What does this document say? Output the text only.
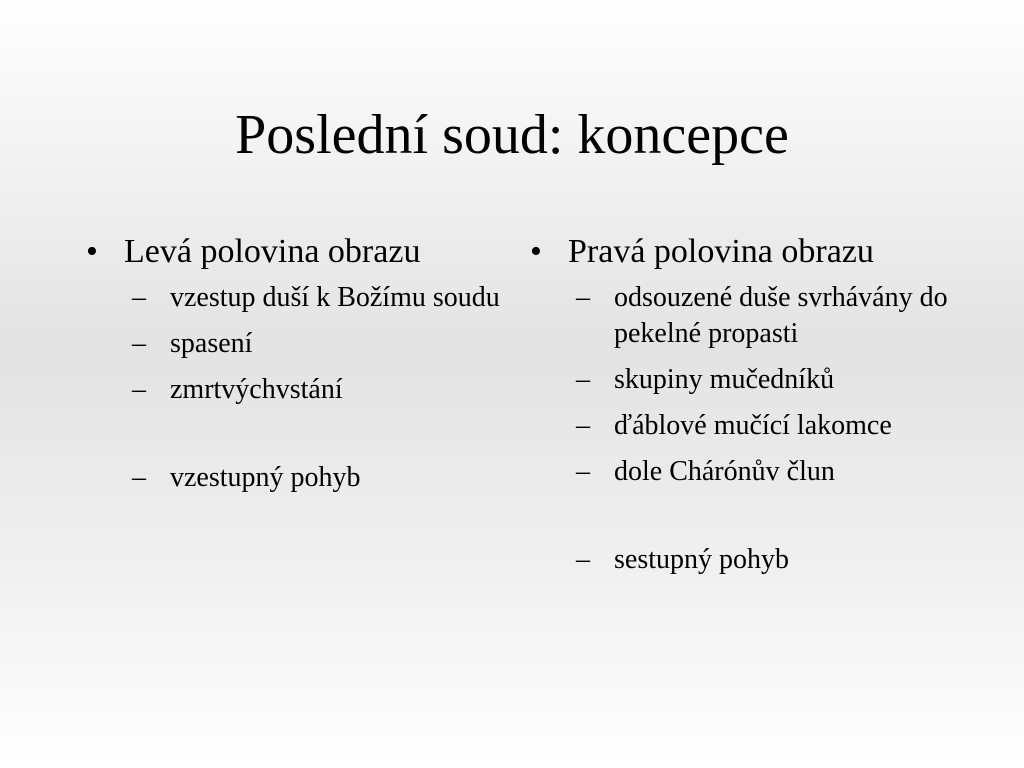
Poslední soud: koncepce
• Levá polovina obrazu
– vzestup duší k Božímu soudu
– spasení
– zmrtvýchvstání
– vzestupný pohyb
• Pravá polovina obrazu
– odsouzené duše svrhávány do pekelné propasti
– skupiny mučedníků
– ďáblové mučící lakomce
– dole Chárónův člun
– sestupný pohyb
